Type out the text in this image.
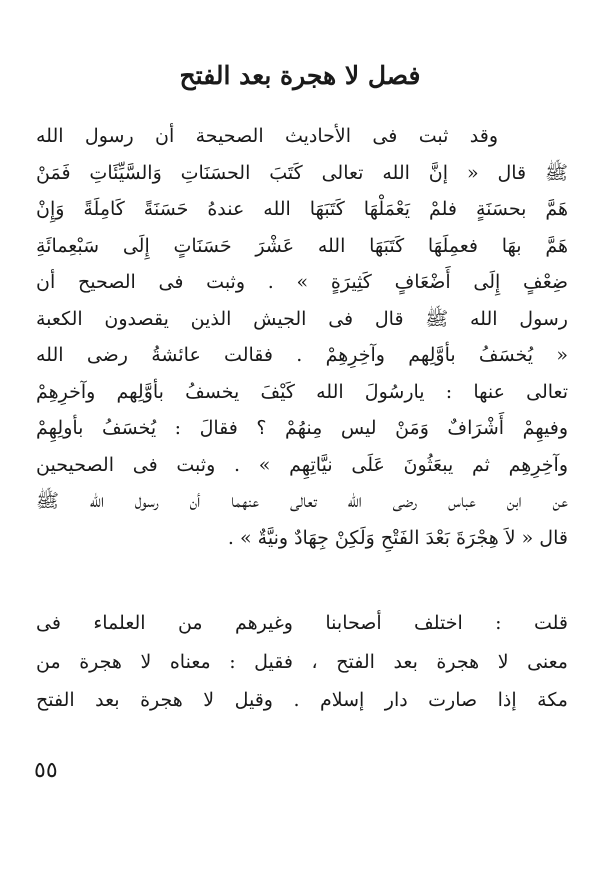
فصل لا هجرة بعد الفتح
وقد ثبت فى الأحاديث الصحيحة أن رسول الله
ﷺ قال « إنَّ الله تعالى كَتَبَ الحسَنَاتِ وَالسَّيِّئَاتِ فَمَنْ
هَمَّ بحسَنَةٍ فلمْ يَعْمَلْهَا كَتَبَهَا الله عندهُ حَسَنَةً كَامِلَةً وَإِنْ
هَمَّ بهَا فعمِلَهَا كَتَبَهَا الله عَشْرَ حَسَنَاتٍ إِلَى سَبْعِمائَةِ
ضِعْفٍ إِلَى أَضْعَافٍ كَثِيرَةٍ » . وثبت فى الصحيح أن
رسول الله ﷺ قال فى الجيش الذين يقصدون الكعبة
« يُخسَفُ بأوَّلِهم وآخِرِهِمْ . فقالت عائشةُ رضى الله
تعالى عنها : يارسُولَ الله كَيْفَ يخسفُ بأوَّلِهم وآخرِهِمْ
وفيهِمْ أَشْرَافٌ وَمَنْ ليس مِنهُمْ ؟ فقالَ : يُخسَفُ بأولِهِمْ
وآخِرِهِم ثم يبعَثُونَ عَلَى نيَّاتِهِم » . وثبت فى الصحيحين
عن ابن عباس رضى الله تعالى عنهما أن رسول الله ﷺ
قال « لاَ هِجْرَةَ بَعْدَ الفَتْحِ وَلَكِنْ جِهَادٌ ونيَّةٌ » .
قلت : اختلف أصحابنا وغيرهم من العلماء فى
معنى لا هجرة بعد الفتح ، فقيل : معناه لا هجرة من
مكة إذا صارت دار إسلام . وقيل لا هجرة بعد الفتح
٥٥
